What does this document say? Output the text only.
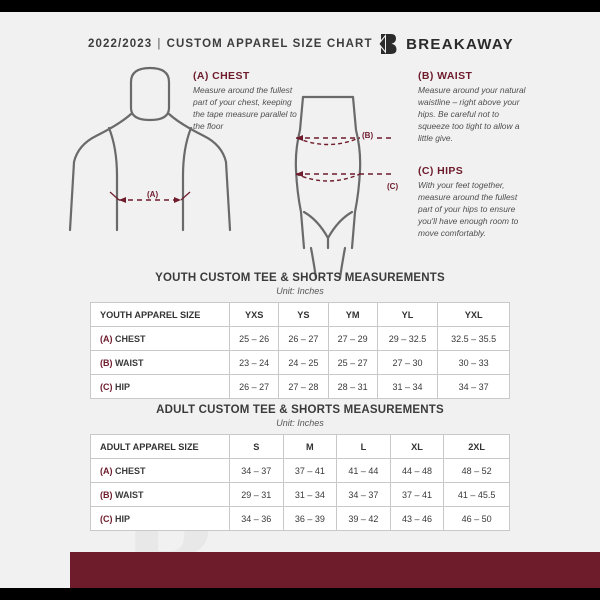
2022/2023 | CUSTOM APPAREL SIZE CHART BREAKAWAY
(A)
(B)
(C)
(A) CHEST
Measure around the fullest part of your chest, keeping the tape measure parallel to the floor
(B) WAIST
Measure around your natural waistline – right above your hips. Be careful not to squeeze too tight to allow a little give.
(C) HIPS
With your feet together, measure around the fullest part of your hips to ensure you'll have enough room to move comfortably.
YOUTH CUSTOM TEE & SHORTS MEASUREMENTS
Unit: Inches
YOUTH APPAREL SIZE	YXS	YS	YM	YL	YXL
(A) CHEST	25 – 26	26 – 27	27 – 29	29 – 32.5	32.5 – 35.5
(B) WAIST	23 – 24	24 – 25	25 – 27	27 – 30	30 – 33
(C) HIP	26 – 27	27 – 28	28 – 31	31 – 34	34 – 37
ADULT CUSTOM TEE & SHORTS MEASUREMENTS
Unit: Inches
ADULT APPAREL SIZE	S	M	L	XL	2XL
(A) CHEST	34 – 37	37 – 41	41 – 44	44 – 48	48 – 52
(B) WAIST	29 – 31	31 – 34	34 – 37	37 – 41	41 – 45.5
(C) HIP	34 – 36	36 – 39	39 – 42	43 – 46	46 – 50
